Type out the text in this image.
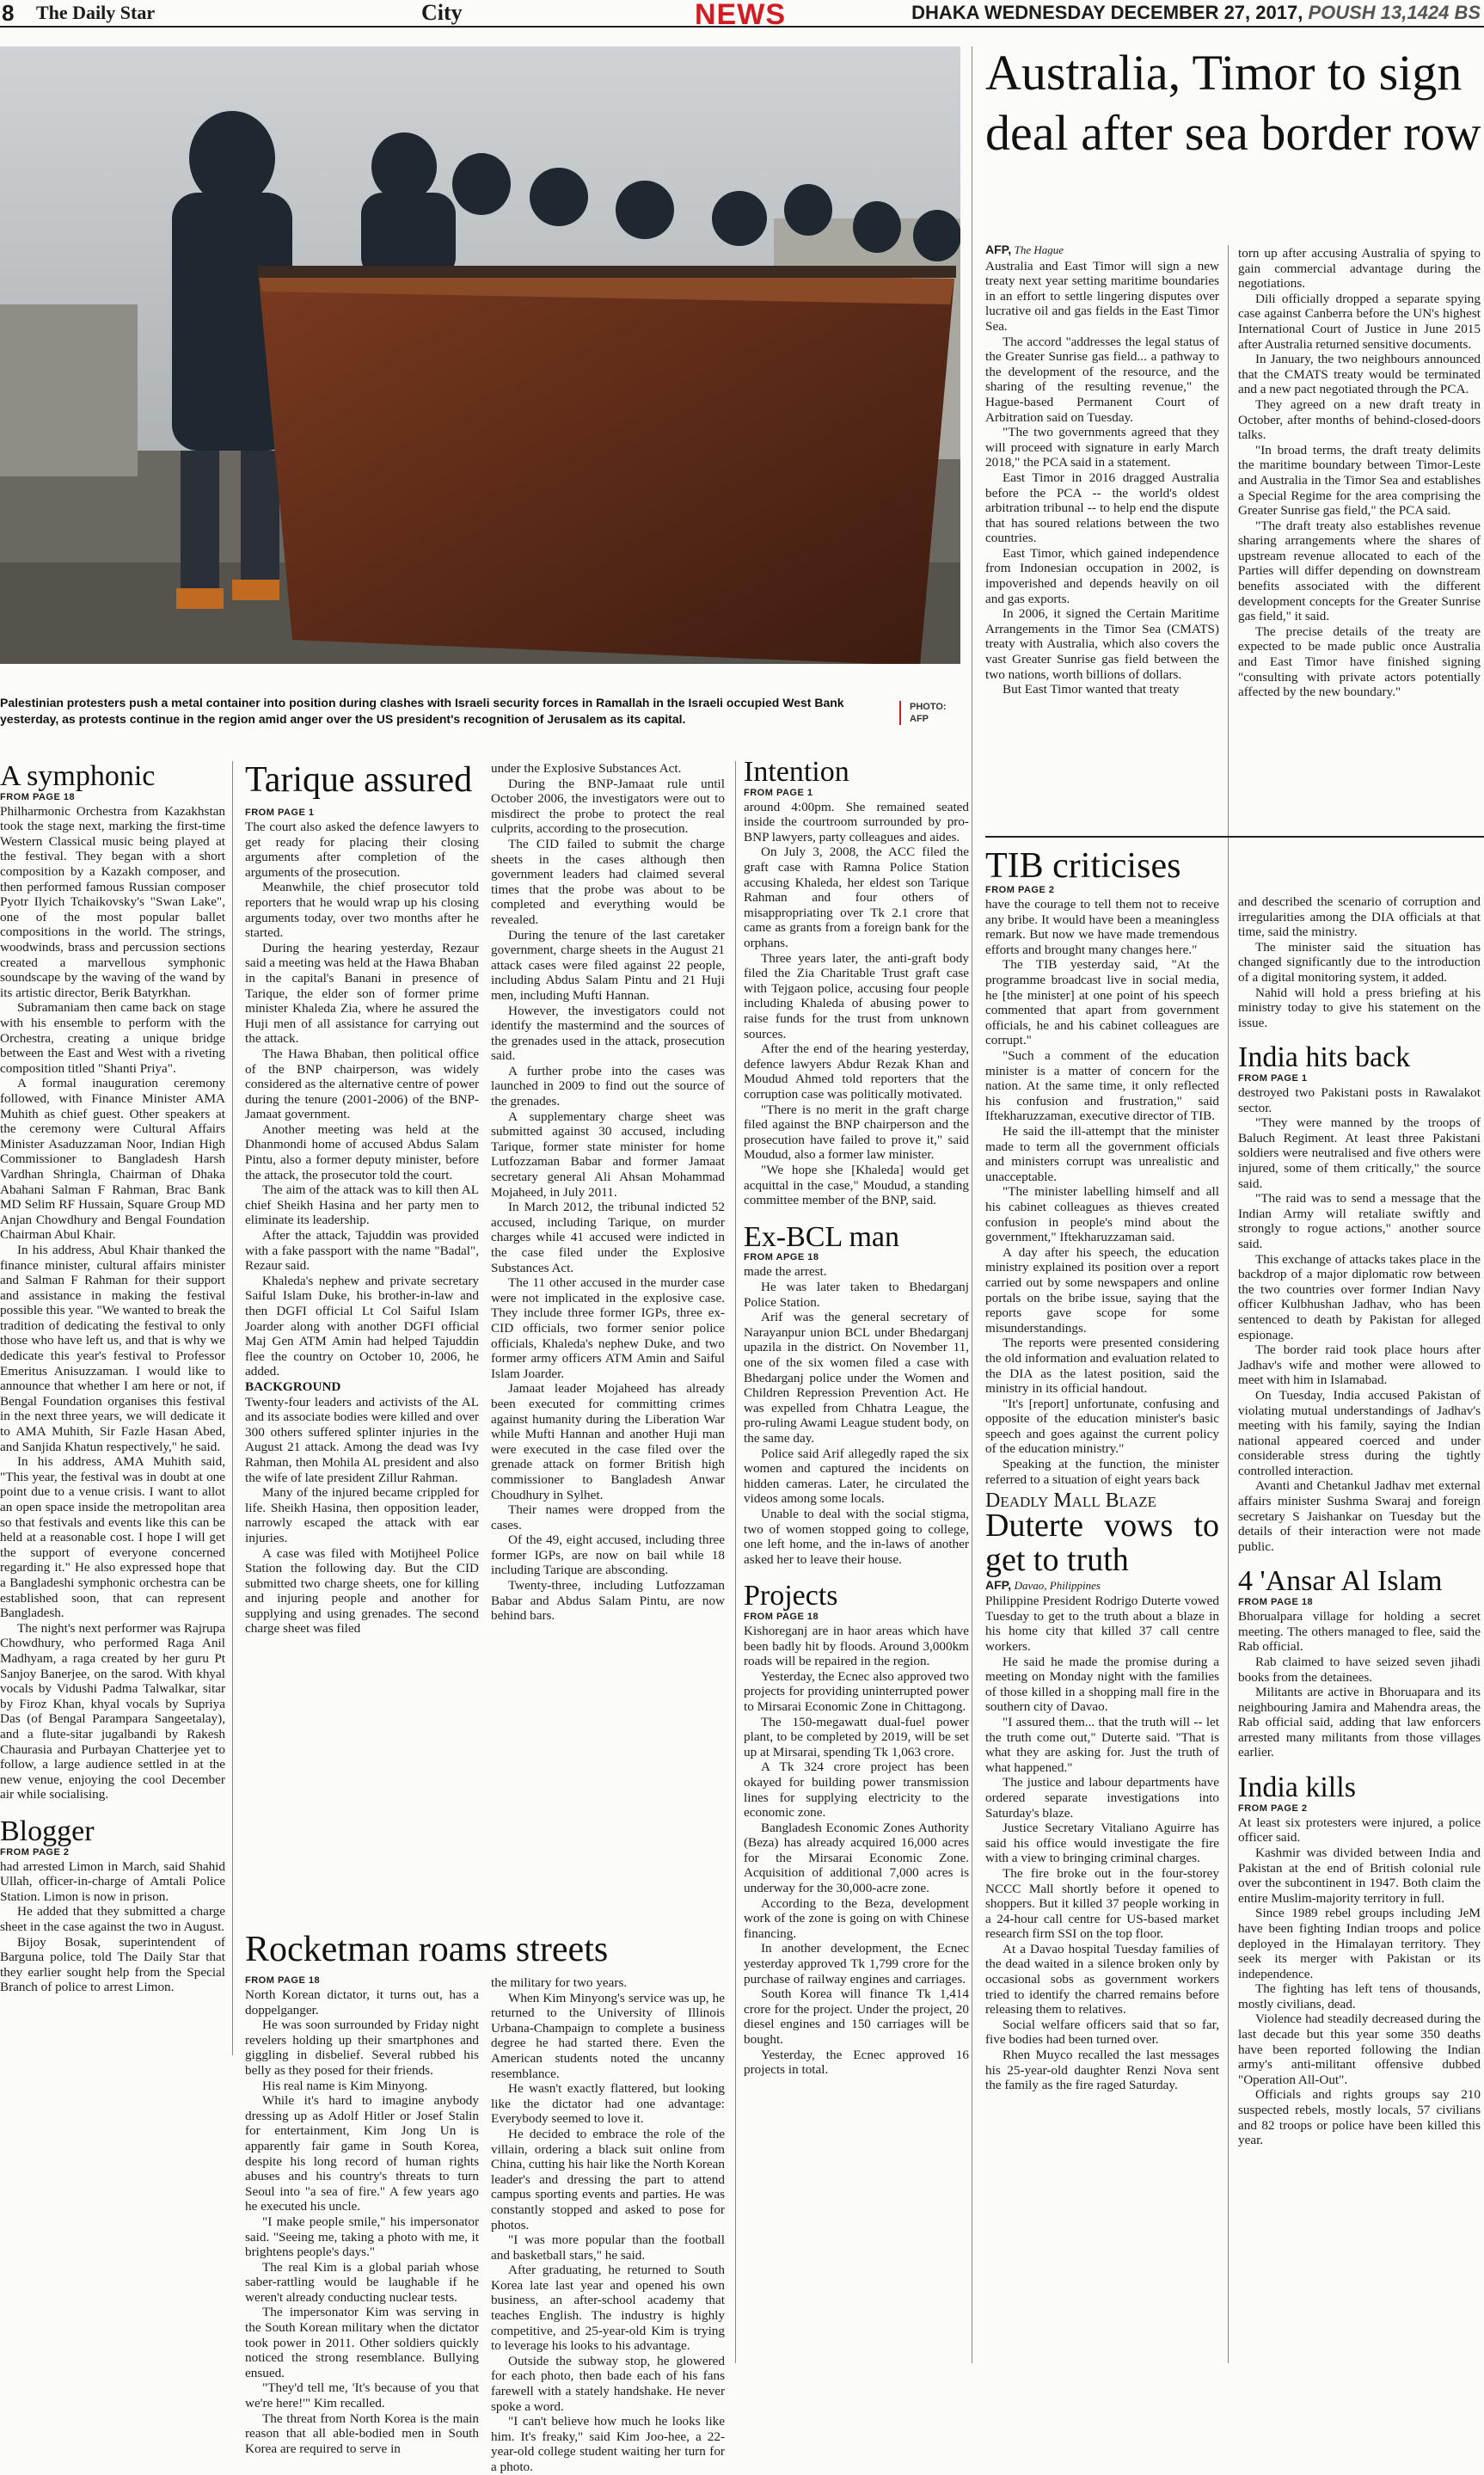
8 The Daily Star	City	NEWS	DHAKA WEDNESDAY DECEMBER 27, 2017, POUSH 13,1424 BS
Palestinian protesters push a metal container into position during clashes with Israeli security forces in Ramallah in the Israeli occupied West Bank yesterday, as protests continue in the region amid anger over the US president's recognition of Jerusalem as its capital.
PHOTO:
AFP
A symphonic
FROM PAGE 18

Philharmonic Orchestra from Kazakhstan took the stage next, marking the first-time Western Classical music being played at the festival. They began with a short composition by a Kazakh composer, and then performed famous Russian composer Pyotr Ilyich Tchaikovsky's "Swan Lake", one of the most popular ballet compositions in the world. The strings, woodwinds, brass and percussion sections created a marvellous symphonic soundscape by the waving of the wand by its artistic director, Berik Batyrkhan.

Subramaniam then came back on stage with his ensemble to perform with the Orchestra, creating a unique bridge between the East and West with a riveting composition titled "Shanti Priya".

A formal inauguration ceremony followed, with Finance Minister AMA Muhith as chief guest. Other speakers at the ceremony were Cultural Affairs Minister Asaduzzaman Noor, Indian High Commissioner to Bangladesh Harsh Vardhan Shringla, Chairman of Dhaka Abahani Salman F Rahman, Brac Bank MD Selim RF Hussain, Square Group MD Anjan Chowdhury and Bengal Foundation Chairman Abul Khair.

In his address, Abul Khair thanked the finance minister, cultural affairs minister and Salman F Rahman for their support and assistance in making the festival possible this year. "We wanted to break the tradition of dedicating the festival to only those who have left us, and that is why we dedicate this year's festival to Professor Emeritus Anisuzzaman. I would like to announce that whether I am here or not, if Bengal Foundation organises this festival in the next three years, we will dedicate it to AMA Muhith, Sir Fazle Hasan Abed, and Sanjida Khatun respectively," he said.

In his address, AMA Muhith said, "This year, the festival was in doubt at one point due to a venue crisis. I want to allot an open space inside the metropolitan area so that festivals and events like this can be held at a reasonable cost. I hope I will get the support of everyone concerned regarding it." He also expressed hope that a Bangladeshi symphonic orchestra can be established soon, that can represent Bangladesh.

The night's next performer was Rajrupa Chowdhury, who performed Raga Anil Madhyam, a raga created by her guru Pt Sanjoy Banerjee, on the sarod. With khyal vocals by Vidushi Padma Talwalkar, sitar by Firoz Khan, khyal vocals by Supriya Das (of Bengal Parampara Sangeetalay), and a flute-sitar jugalbandi by Rakesh Chaurasia and Purbayan Chatterjee yet to follow, a large audience settled in at the new venue, enjoying the cool December air while socialising.

Blogger
FROM PAGE 2

had arrested Limon in March, said Shahid Ullah, officer-in-charge of Amtali Police Station. Limon is now in prison.

He added that they submitted a charge sheet in the case against the two in August.

Bijoy Bosak, superintendent of Barguna police, told The Daily Star that they earlier sought help from the Special Branch of police to arrest Limon.

Tarique assured
FROM PAGE 1

The court also asked the defence lawyers to get ready for placing their closing arguments after completion of the arguments of the prosecution.

Meanwhile, the chief prosecutor told reporters that he would wrap up his closing arguments today, over two months after he started.

During the hearing yesterday, Rezaur said a meeting was held at the Hawa Bhaban in the capital's Banani in presence of Tarique, the elder son of former prime minister Khaleda Zia, where he assured the Huji men of all assistance for carrying out the attack.

The Hawa Bhaban, then political office of the BNP chairperson, was widely considered as the alternative centre of power during the tenure (2001-2006) of the BNP-Jamaat government.

Another meeting was held at the Dhanmondi home of accused Abdus Salam Pintu, also a former deputy minister, before the attack, the prosecutor told the court.

The aim of the attack was to kill then AL chief Sheikh Hasina and her party men to eliminate its leadership.

After the attack, Tajuddin was provided with a fake passport with the name "Badal", Rezaur said.

Khaleda's nephew and private secretary Saiful Islam Duke, his brother-in-law and then DGFI official Lt Col Saiful Islam Joarder along with another DGFI official Maj Gen ATM Amin had helped Tajuddin flee the country on October 10, 2006, he added.

BACKGROUND

Twenty-four leaders and activists of the AL and its associate bodies were killed and over 300 others suffered splinter injuries in the August 21 attack. Among the dead was Ivy Rahman, then Mohila AL president and also the wife of late president Zillur Rahman.

Many of the injured became crippled for life. Sheikh Hasina, then opposition leader, narrowly escaped the attack with ear injuries.

A case was filed with Motijheel Police Station the following day. But the CID submitted two charge sheets, one for killing and injuring people and another for supplying and using grenades. The second charge sheet was filed

under the Explosive Substances Act.

During the BNP-Jamaat rule until October 2006, the investigators were out to misdirect the probe to protect the real culprits, according to the prosecution.

The CID failed to submit the charge sheets in the cases although then government leaders had claimed several times that the probe was about to be completed and everything would be revealed.

During the tenure of the last caretaker government, charge sheets in the August 21 attack cases were filed against 22 people, including Abdus Salam Pintu and 21 Huji men, including Mufti Hannan.

However, the investigators could not identify the mastermind and the sources of the grenades used in the attack, prosecution said.

A further probe into the cases was launched in 2009 to find out the source of the grenades.

A supplementary charge sheet was submitted against 30 accused, including Tarique, former state minister for home Lutfozzaman Babar and former Jamaat secretary general Ali Ahsan Mohammad Mojaheed, in July 2011.

In March 2012, the tribunal indicted 52 accused, including Tarique, on murder charges while 41 accused were indicted in the case filed under the Explosive Substances Act.

The 11 other accused in the murder case were not implicated in the explosive case. They include three former IGPs, three ex-CID officials, two former senior police officials, Khaleda's nephew Duke, and two former army officers ATM Amin and Saiful Islam Joarder.

Jamaat leader Mojaheed has already been executed for committing crimes against humanity during the Liberation War while Mufti Hannan and another Huji man were executed in the case filed over the grenade attack on former British high commissioner to Bangladesh Anwar Choudhury in Sylhet.

Their names were dropped from the cases.

Of the 49, eight accused, including three former IGPs, are now on bail while 18 including Tarique are absconding.

Twenty-three, including Lutfozzaman Babar and Abdus Salam Pintu, are now behind bars.

Rocketman roams streets
FROM PAGE 18

North Korean dictator, it turns out, has a doppelganger.

He was soon surrounded by Friday night revelers holding up their smartphones and giggling in disbelief. Several rubbed his belly as they posed for their friends.

His real name is Kim Minyong.

While it's hard to imagine anybody dressing up as Adolf Hitler or Josef Stalin for entertainment, Kim Jong Un is apparently fair game in South Korea, despite his long record of human rights abuses and his country's threats to turn Seoul into "a sea of fire." A few years ago he executed his uncle.

"I make people smile," his impersonator said. "Seeing me, taking a photo with me, it brightens people's days."

The real Kim is a global pariah whose saber-rattling would be laughable if he weren't already conducting nuclear tests.

The impersonator Kim was serving in the South Korean military when the dictator took power in 2011. Other soldiers quickly noticed the strong resemblance. Bullying ensued.

"They'd tell me, 'It's because of you that we're here!'" Kim recalled.

The threat from North Korea is the main reason that all able-bodied men in South Korea are required to serve in

the military for two years.

When Kim Minyong's service was up, he returned to the University of Illinois Urbana-Champaign to complete a business degree he had started there. Even the American students noted the uncanny resemblance.

He wasn't exactly flattered, but looking like the dictator had one advantage: Everybody seemed to love it.

He decided to embrace the role of the villain, ordering a black suit online from China, cutting his hair like the North Korean leader's and dressing the part to attend campus sporting events and parties. He was constantly stopped and asked to pose for photos.

"I was more popular than the football and basketball stars," he said.

After graduating, he returned to South Korea late last year and opened his own business, an after-school academy that teaches English. The industry is highly competitive, and 25-year-old Kim is trying to leverage his looks to his advantage.

Outside the subway stop, he glowered for each photo, then bade each of his fans farewell with a stately handshake. He never spoke a word.

"I can't believe how much he looks like him. It's freaky," said Kim Joo-hee, a 22-year-old college student waiting her turn for a photo.

Intention
FROM PAGE 1

around 4:00pm. She remained seated inside the courtroom surrounded by pro-BNP lawyers, party colleagues and aides.

On July 3, 2008, the ACC filed the graft case with Ramna Police Station accusing Khaleda, her eldest son Tarique Rahman and four others of misappropriating over Tk 2.1 crore that came as grants from a foreign bank for the orphans.

Three years later, the anti-graft body filed the Zia Charitable Trust graft case with Tejgaon police, accusing four people including Khaleda of abusing power to raise funds for the trust from unknown sources.

After the end of the hearing yesterday, defence lawyers Abdur Rezak Khan and Moudud Ahmed told reporters that the corruption case was politically motivated.

"There is no merit in the graft charge filed against the BNP chairperson and the prosecution have failed to prove it," said Moudud, also a former law minister.

"We hope she [Khaleda] would get acquittal in the case," Moudud, a standing committee member of the BNP, said.

Ex-BCL man
FROM APGE 18

made the arrest.

He was later taken to Bhedarganj Police Station.

Arif was the general secretary of Narayanpur union BCL under Bhedarganj upazila in the district. On November 11, one of the six women filed a case with Bhedarganj police under the Women and Children Repression Prevention Act. He was expelled from Chhatra League, the pro-ruling Awami League student body, on the same day.

Police said Arif allegedly raped the six women and captured the incidents on hidden cameras. Later, he circulated the videos among some locals.

Unable to deal with the social stigma, two of women stopped going to college, one left home, and the in-laws of another asked her to leave their house.

Projects
FROM PAGE 18

Kishoreganj are in haor areas which have been badly hit by floods. Around 3,000km roads will be repaired in the region.

Yesterday, the Ecnec also approved two projects for providing uninterrupted power to Mirsarai Economic Zone in Chittagong.

The 150-megawatt dual-fuel power plant, to be completed by 2019, will be set up at Mirsarai, spending Tk 1,063 crore.

A Tk 324 crore project has been okayed for building power transmission lines for supplying electricity to the economic zone.

Bangladesh Economic Zones Authority (Beza) has already acquired 16,000 acres for the Mirsarai Economic Zone. Acquisition of additional 7,000 acres is underway for the 30,000-acre zone.

According to the Beza, development work of the zone is going on with Chinese financing.

In another development, the Ecnec yesterday approved Tk 1,799 crore for the purchase of railway engines and carriages.

South Korea will finance Tk 1,414 crore for the project. Under the project, 20 diesel engines and 150 carriages will be bought.

Yesterday, the Ecnec approved 16 projects in total.

Australia, Timor to sign deal after sea border row
AFP, The Hague

Australia and East Timor will sign a new treaty next year setting maritime boundaries in an effort to settle lingering disputes over lucrative oil and gas fields in the East Timor Sea.

The accord "addresses the legal status of the Greater Sunrise gas field... a pathway to the development of the resource, and the sharing of the resulting revenue," the Hague-based Permanent Court of Arbitration said on Tuesday.

"The two governments agreed that they will proceed with signature in early March 2018," the PCA said in a statement.

East Timor in 2016 dragged Australia before the PCA -- the world's oldest arbitration tribunal -- to help end the dispute that has soured relations between the two countries.

East Timor, which gained independence from Indonesian occupation in 2002, is impoverished and depends heavily on oil and gas exports.

In 2006, it signed the Certain Maritime Arrangements in the Timor Sea (CMATS) treaty with Australia, which also covers the vast Greater Sunrise gas field between the two nations, worth billions of dollars.

But East Timor wanted that treaty

torn up after accusing Australia of spying to gain commercial advantage during the negotiations.

Dili officially dropped a separate spying case against Canberra before the UN's highest International Court of Justice in June 2015 after Australia returned sensitive documents.

In January, the two neighbours announced that the CMATS treaty would be terminated and a new pact negotiated through the PCA.

They agreed on a new draft treaty in October, after months of behind-closed-doors talks.

"In broad terms, the draft treaty delimits the maritime boundary between Timor-Leste and Australia in the Timor Sea and establishes a Special Regime for the area comprising the Greater Sunrise gas field," the PCA said.

"The draft treaty also establishes revenue sharing arrangements where the shares of upstream revenue allocated to each of the Parties will differ depending on downstream benefits associated with the different development concepts for the Greater Sunrise gas field," it said.

The precise details of the treaty are expected to be made public once Australia and East Timor have finished signing "consulting with private actors potentially affected by the new boundary."

TIB criticises
FROM PAGE 2

have the courage to tell them not to receive any bribe. It would have been a meaningless remark. But now we have made tremendous efforts and brought many changes here."

The TIB yesterday said, "At the programme broadcast live in social media, he [the minister] at one point of his speech commented that apart from government officials, he and his cabinet colleagues are corrupt."

"Such a comment of the education minister is a matter of concern for the nation. At the same time, it only reflected his confusion and frustration," said Iftekharuzzaman, executive director of TIB.

He said the ill-attempt that the minister made to term all the government officials and ministers corrupt was unrealistic and unacceptable.

"The minister labelling himself and all his cabinet colleagues as thieves created confusion in people's mind about the government," Iftekharuzzaman said.

A day after his speech, the education ministry explained its position over a report carried out by some newspapers and online portals on the bribe issue, saying that the reports gave scope for some misunderstandings.

The reports were presented considering the old information and evaluation related to the DIA as the latest position, said the ministry in its official handout.

"It's [report] unfortunate, confusing and opposite of the education minister's basic speech and goes against the current policy of the education ministry."

Speaking at the function, the minister referred to a situation of eight years back

Deadly Mall Blaze
Duterte vows to get to truth
AFP, Davao, Philippines

Philippine President Rodrigo Duterte vowed Tuesday to get to the truth about a blaze in his home city that killed 37 call centre workers.

He said he made the promise during a meeting on Monday night with the families of those killed in a shopping mall fire in the southern city of Davao.

"I assured them... that the truth will -- let the truth come out," Duterte said. "That is what they are asking for. Just the truth of what happened."

The justice and labour departments have ordered separate investigations into Saturday's blaze.

Justice Secretary Vitaliano Aguirre has said his office would investigate the fire with a view to bringing criminal charges.

The fire broke out in the four-storey NCCC Mall shortly before it opened to shoppers. But it killed 37 people working in a 24-hour call centre for US-based market research firm SSI on the top floor.

At a Davao hospital Tuesday families of the dead waited in a silence broken only by occasional sobs as government workers tried to identify the charred remains before releasing them to relatives.

Social welfare officers said that so far, five bodies had been turned over.

Rhen Muyco recalled the last messages his 25-year-old daughter Renzi Nova sent the family as the fire raged Saturday.

and described the scenario of corruption and irregularities among the DIA officials at that time, said the ministry.

The minister said the situation has changed significantly due to the introduction of a digital monitoring system, it added.

Nahid will hold a press briefing at his ministry today to give his statement on the issue.

India hits back
FROM PAGE 1

destroyed two Pakistani posts in Rawalakot sector.

"They were manned by the troops of Baluch Regiment. At least three Pakistani soldiers were neutralised and five others were injured, some of them critically," the source said.

"The raid was to send a message that the Indian Army will retaliate swiftly and strongly to rogue actions," another source said.

This exchange of attacks takes place in the backdrop of a major diplomatic row between the two countries over former Indian Navy officer Kulbhushan Jadhav, who has been sentenced to death by Pakistan for alleged espionage.

The border raid took place hours after Jadhav's wife and mother were allowed to meet with him in Islamabad.

On Tuesday, India accused Pakistan of violating mutual understandings of Jadhav's meeting with his family, saying the Indian national appeared coerced and under considerable stress during the tightly controlled interaction.

Avanti and Chetankul Jadhav met external affairs minister Sushma Swaraj and foreign secretary S Jaishankar on Tuesday but the details of their interaction were not made public.

4 'Ansar Al Islam
FROM PAGE 18

Bhorualpara village for holding a secret meeting. The others managed to flee, said the Rab official.

Rab claimed to have seized seven jihadi books from the detainees.

Militants are active in Bhoruapara and its neighbouring Jamira and Mahendra areas, the Rab official said, adding that law enforcers arrested many militants from those villages earlier.

India kills
FROM PAGE 2

At least six protesters were injured, a police officer said.

Kashmir was divided between India and Pakistan at the end of British colonial rule over the subcontinent in 1947. Both claim the entire Muslim-majority territory in full.

Since 1989 rebel groups including JeM have been fighting Indian troops and police deployed in the Himalayan territory. They seek its merger with Pakistan or its independence.

The fighting has left tens of thousands, mostly civilians, dead.

Violence had steadily decreased during the last decade but this year some 350 deaths have been reported following the Indian army's anti-militant offensive dubbed "Operation All-Out".

Officials and rights groups say 210 suspected rebels, mostly locals, 57 civilians and 82 troops or police have been killed this year.
